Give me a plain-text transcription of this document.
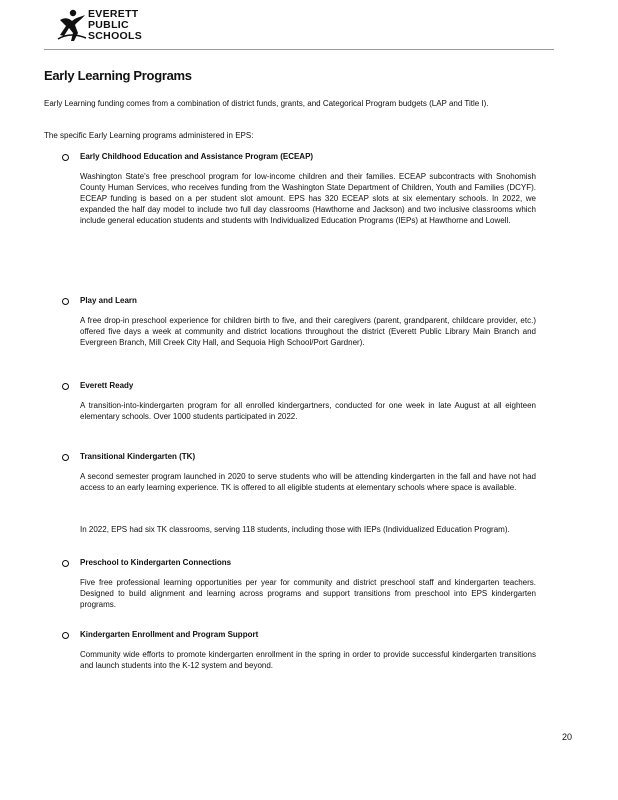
EVERETT
PUBLIC
SCHOOLS
Early Learning Programs
Early Learning funding comes from a combination of district funds, grants, and Categorical Program budgets (LAP and Title I).
The specific Early Learning programs administered in EPS:
Early Childhood Education and Assistance Program (ECEAP)
Washington State's free preschool program for low-income children and their families. ECEAP subcontracts with Snohomish County Human Services, who receives funding from the Washington State Department of Children, Youth and Families (DCYF). ECEAP funding is based on a per student slot amount. EPS has 320 ECEAP slots at six elementary schools. In 2022, we expanded the half day model to include two full day classrooms (Hawthorne and Jackson) and two inclusive classrooms which include general education students and students with Individualized Education Programs (IEPs) at Hawthorne and Lowell.
Play and Learn
A free drop-in preschool experience for children birth to five, and their caregivers (parent, grandparent, childcare provider, etc.) offered five days a week at community and district locations throughout the district (Everett Public Library Main Branch and Evergreen Branch, Mill Creek City Hall, and Sequoia High School/Port Gardner).
Everett Ready
A transition-into-kindergarten program for all enrolled kindergartners, conducted for one week in late August at all eighteen elementary schools. Over 1000 students participated in 2022.
Transitional Kindergarten (TK)
A second semester program launched in 2020 to serve students who will be attending kindergarten in the fall and have not had access to an early learning experience. TK is offered to all eligible students at elementary schools where space is available.
In 2022, EPS had six TK classrooms, serving 118 students, including those with IEPs (Individualized Education Program).
Preschool to Kindergarten Connections
Five free professional learning opportunities per year for community and district preschool staff and kindergarten teachers. Designed to build alignment and learning across programs and support transitions from preschool into EPS kindergarten programs.
Kindergarten Enrollment and Program Support
Community wide efforts to promote kindergarten enrollment in the spring in order to provide successful kindergarten transitions and launch students into the K-12 system and beyond.
20
